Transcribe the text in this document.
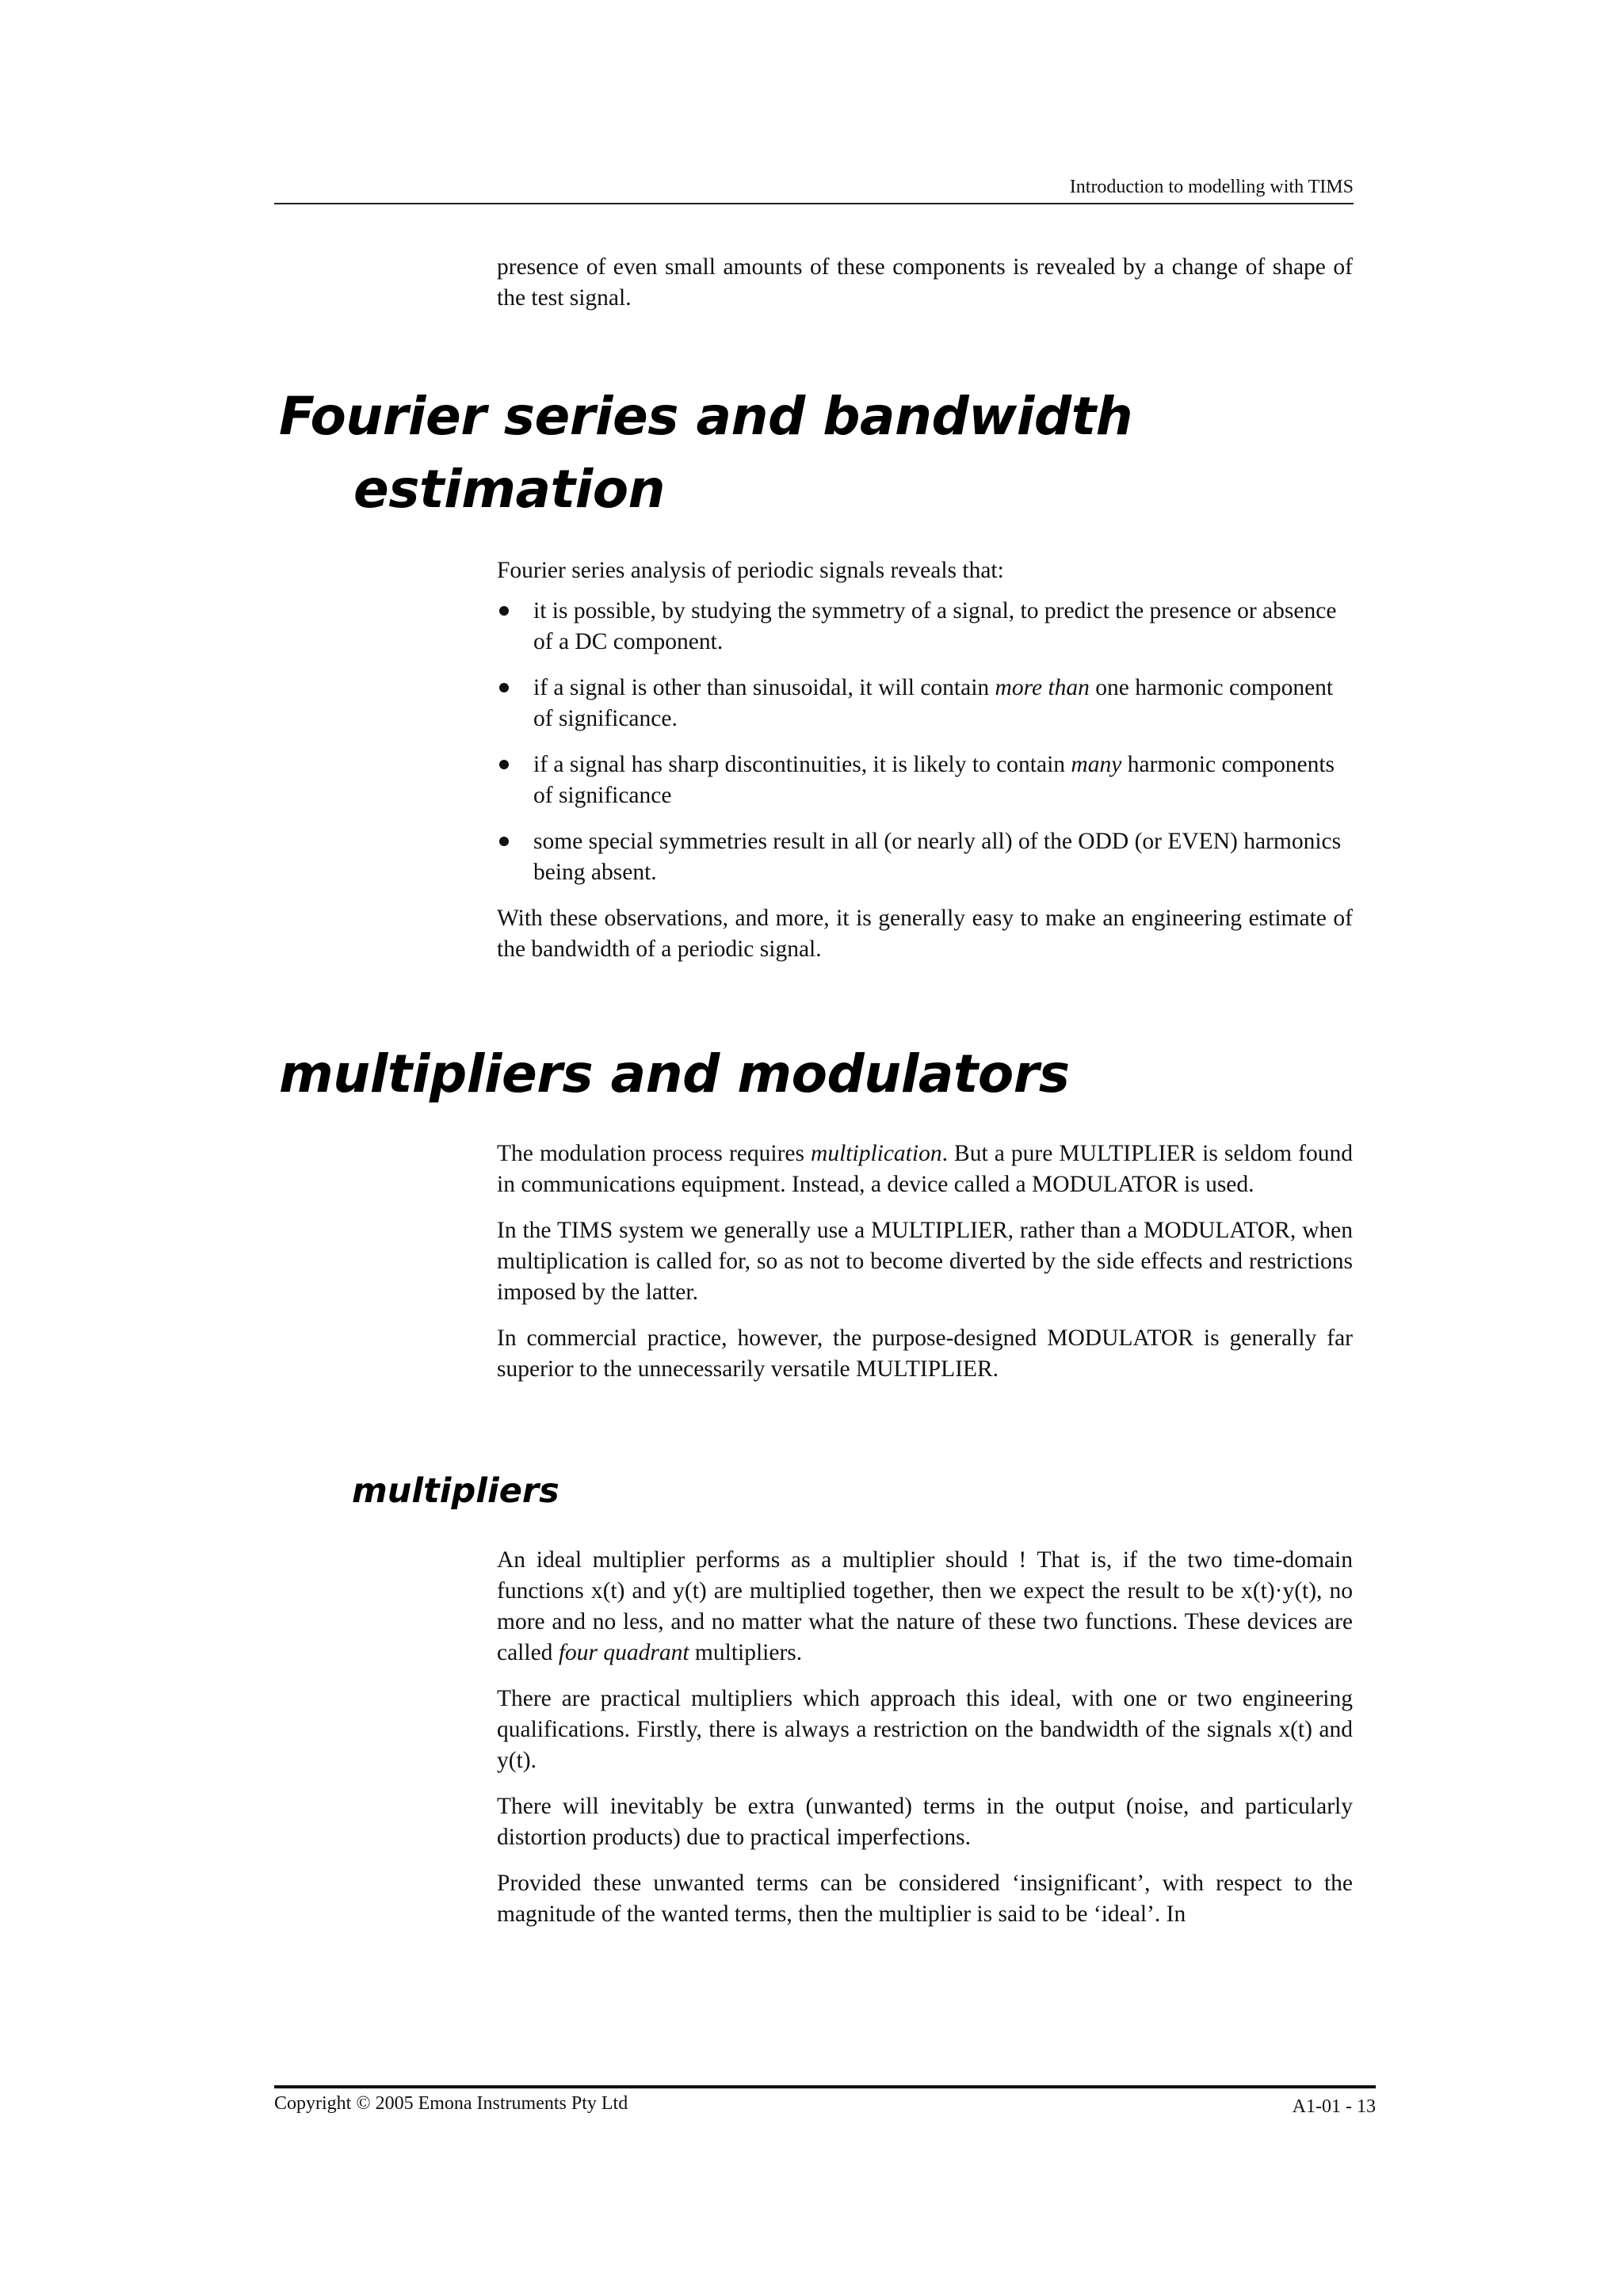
Introduction to modelling with TIMS

presence of even small amounts of these components is revealed by a change of shape of the test signal.

Fourier series and bandwidth
estimation

Fourier series analysis of periodic signals reveals that:

it is possible, by studying the symmetry of a signal, to predict the presence or absence of a DC component.
if a signal is other than sinusoidal, it will contain more than one harmonic component of significance.
if a signal has sharp discontinuities, it is likely to contain many harmonic components of significance
some special symmetries result in all (or nearly all) of the ODD (or EVEN) harmonics being absent.

With these observations, and more, it is generally easy to make an engineering estimate of the bandwidth of a periodic signal.

multipliers and modulators

The modulation process requires multiplication. But a pure MULTIPLIER is seldom found in communications equipment. Instead, a device called a MODULATOR is used.

In the TIMS system we generally use a MULTIPLIER, rather than a MODULATOR, when multiplication is called for, so as not to become diverted by the side effects and restrictions imposed by the latter.

In commercial practice, however, the purpose-designed MODULATOR is generally far superior to the unnecessarily versatile MULTIPLIER.

multipliers

An ideal multiplier performs as a multiplier should ! That is, if the two time-domain functions x(t) and y(t) are multiplied together, then we expect the result to be x(t)·y(t), no more and no less, and no matter what the nature of these two functions. These devices are called four quadrant multipliers.

There are practical multipliers which approach this ideal, with one or two engineering qualifications. Firstly, there is always a restriction on the bandwidth of the signals x(t) and y(t).

There will inevitably be extra (unwanted) terms in the output (noise, and particularly distortion products) due to practical imperfections.

Provided these unwanted terms can be considered ‘insignificant’, with respect to the magnitude of the wanted terms, then the multiplier is said to be ‘ideal’. In

Copyright © 2005 Emona Instruments Pty Ltd	A1-01 - 13
